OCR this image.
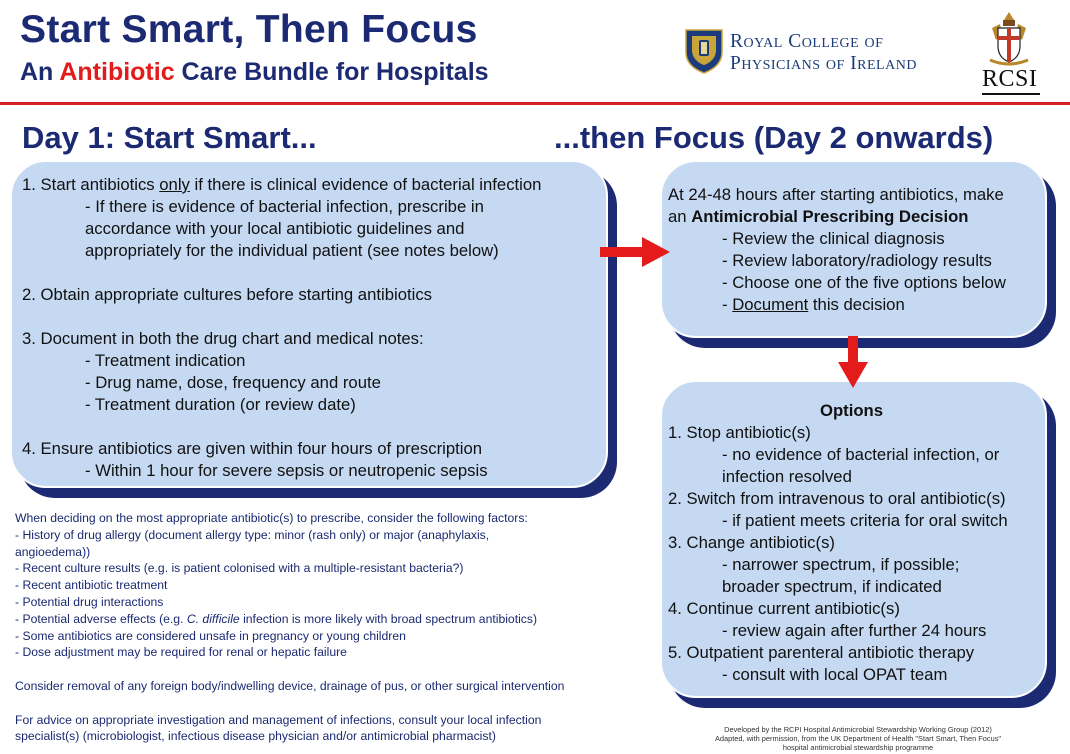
Start Smart, Then Focus
An Antibiotic Care Bundle for Hospitals
Royal College of
Physicians of Ireland
RCSI
Day 1: Start Smart...	...then Focus (Day 2 onwards)
1. Start antibiotics only if there is clinical evidence of bacterial infection
- If there is evidence of bacterial infection, prescribe in
accordance with your local antibiotic guidelines and
appropriately for the individual patient (see notes below)
2. Obtain appropriate cultures before starting antibiotics
3. Document in both the drug chart and medical notes:
- Treatment indication
- Drug name, dose, frequency and route
- Treatment duration (or review date)
4. Ensure antibiotics are given within four hours of prescription
- Within 1 hour for severe sepsis or neutropenic sepsis
At 24-48 hours after starting antibiotics, make
an Antimicrobial Prescribing Decision
- Review the clinical diagnosis
- Review laboratory/radiology results
- Choose one of the five options below
- Document this decision
Options
1. Stop antibiotic(s)
- no evidence of bacterial infection, or
infection resolved
2. Switch from intravenous to oral antibiotic(s)
- if patient meets criteria for oral switch
3. Change antibiotic(s)
- narrower spectrum, if possible;
broader spectrum, if indicated
4. Continue current antibiotic(s)
- review again after further 24 hours
5. Outpatient parenteral antibiotic therapy
- consult with local OPAT team
When deciding on the most appropriate antibiotic(s) to prescribe, consider the following factors:
- History of drug allergy (document allergy type: minor (rash only) or major (anaphylaxis,
angioedema))
- Recent culture results (e.g. is patient colonised with a multiple-resistant bacteria?)
- Recent antibiotic treatment
- Potential drug interactions
- Potential adverse effects (e.g. C. difficile infection is more likely with broad spectrum antibiotics)
- Some antibiotics are considered unsafe in pregnancy or young children
- Dose adjustment may be required for renal or hepatic failure
Consider removal of any foreign body/indwelling device, drainage of pus, or other surgical intervention
For advice on appropriate investigation and management of infections, consult your local infection
specialist(s) (microbiologist, infectious disease physician and/or antimicrobial pharmacist)	Developed by the RCPI Hospital Antimicrobial Stewardship Working Group (2012)
Adapted, with permission, from the UK Department of Health "Start Smart, Then Focus"
hospital antimicrobial stewardship programme
